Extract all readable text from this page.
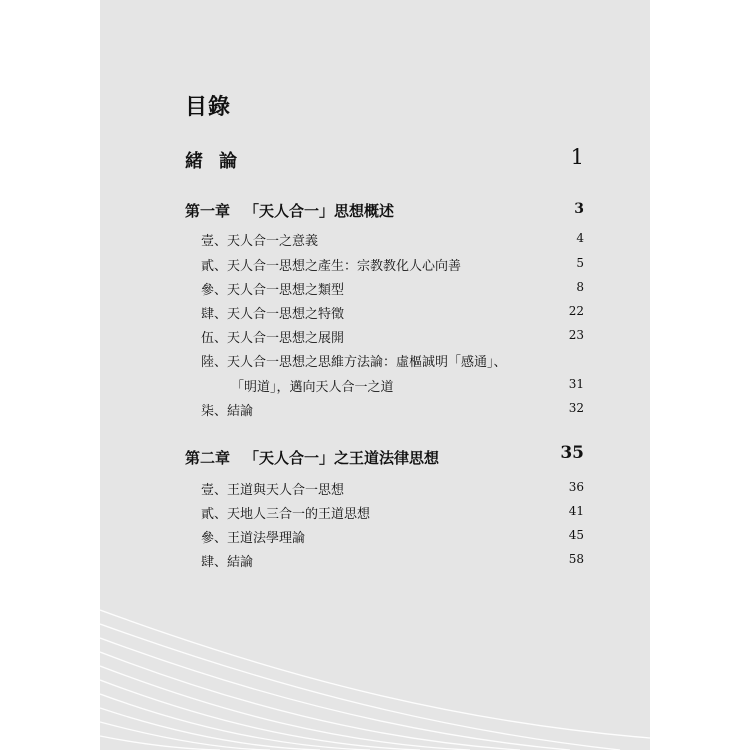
目錄
緒論	1
第一章 「天人合一」思想概述	3
壹、天人合一之意義	4
貳、天人合一思想之產生：宗教教化人心向善	5
參、天人合一思想之類型	8
肆、天人合一思想之特徵	22
伍、天人合一思想之展開	23
陸、天人合一思想之思維方法論：虛樞誠明「感通」、
「明道」，邁向天人合一之道	31
柒、結論	32
第二章 「天人合一」之王道法律思想	35
壹、王道與天人合一思想	36
貳、天地人三合一的王道思想	41
參、王道法學理論	45
肆、結論	58
